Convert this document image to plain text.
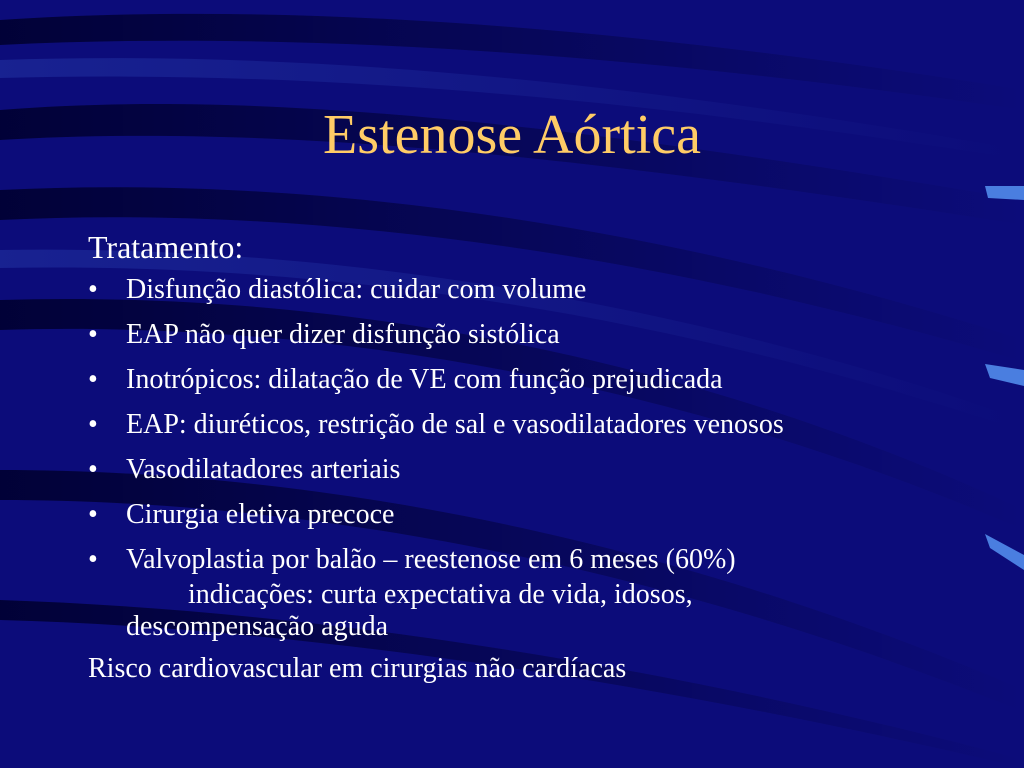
Estenose Aórtica
Tratamento:
• Disfunção diastólica: cuidar com volume
• EAP não quer dizer disfunção sistólica
• Inotrópicos: dilatação de VE com função prejudicada
• EAP: diuréticos, restrição de sal e vasodilatadores venosos
• Vasodilatadores arteriais
• Cirurgia eletiva precoce
• Valvoplastia por balão – reestenose em 6 meses (60%)
indicações: curta expectativa de vida, idosos,
descompensação aguda
Risco cardiovascular em cirurgias não cardíacas
